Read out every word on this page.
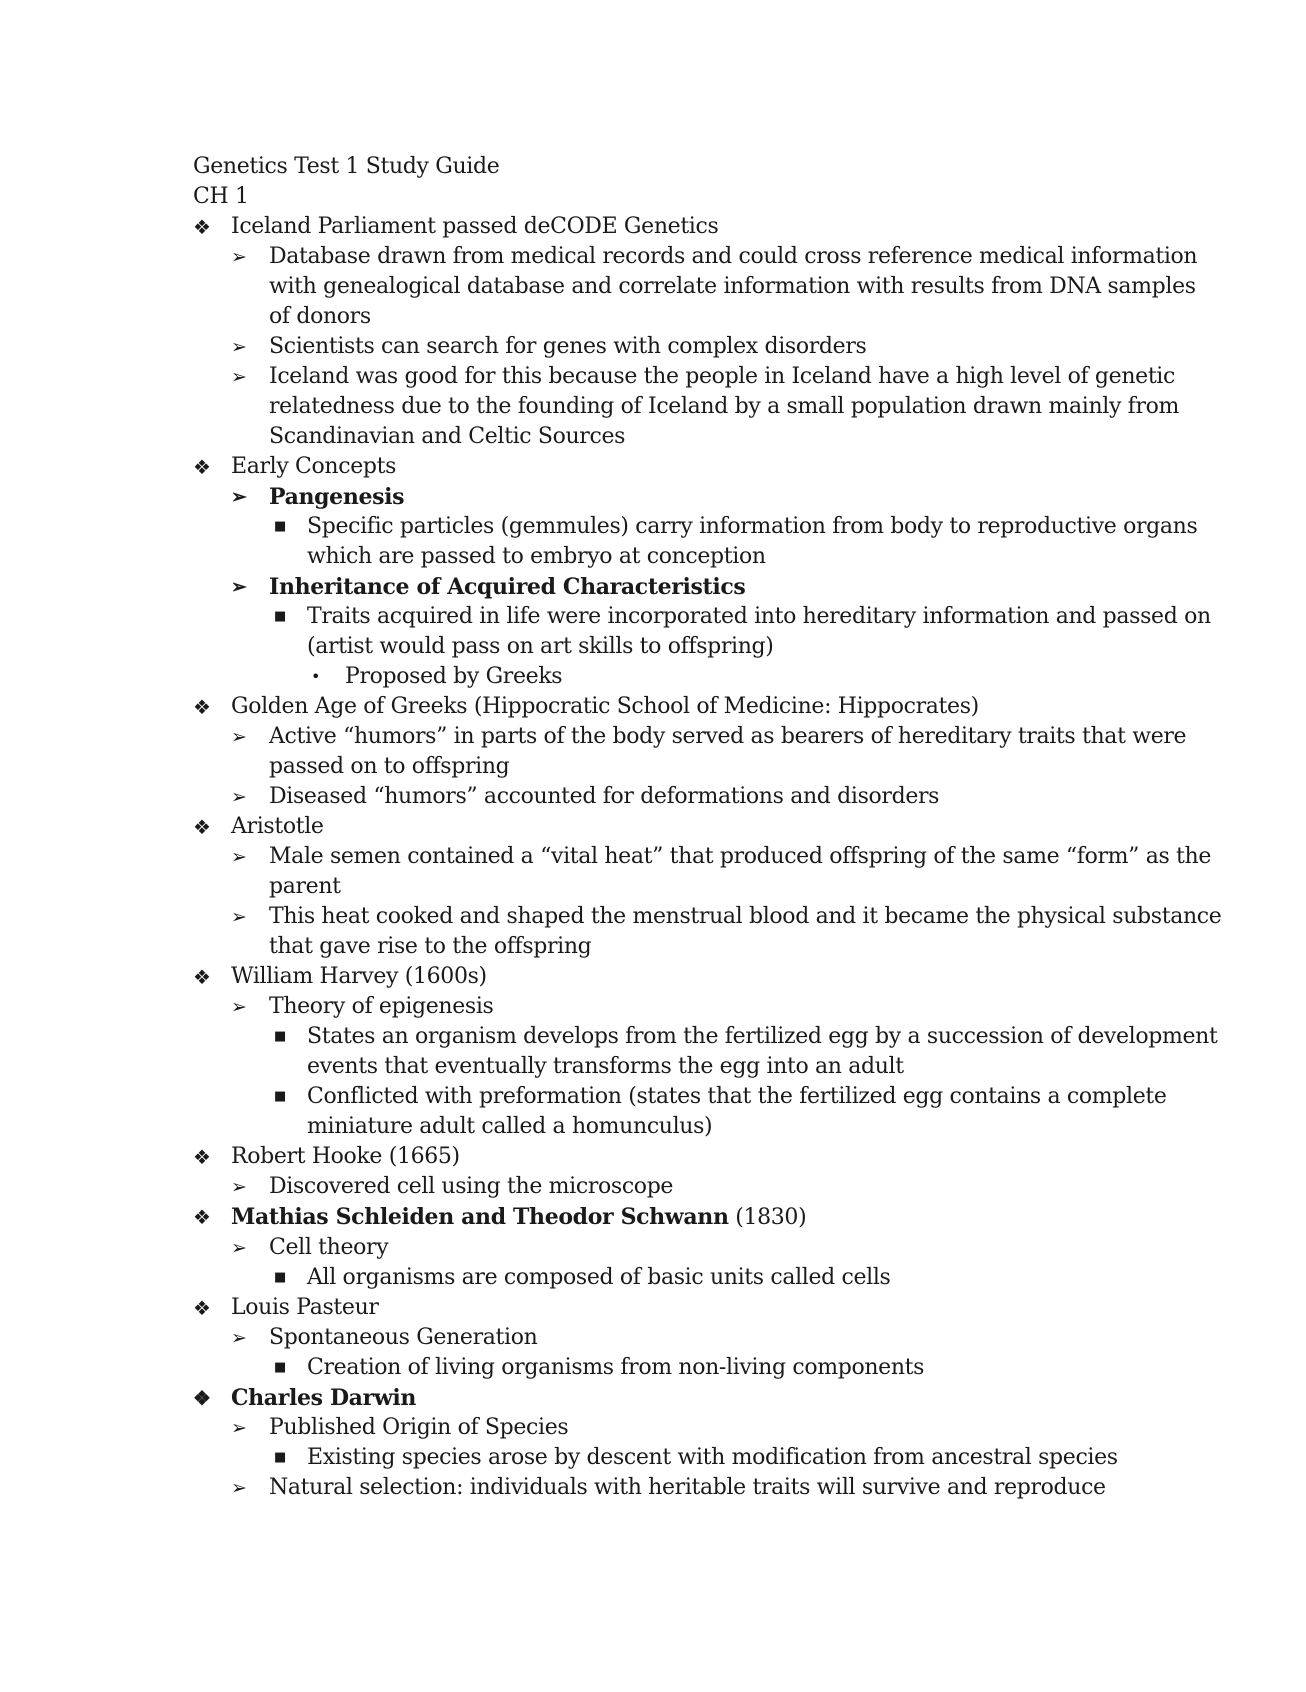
Genetics Test 1 Study Guide
CH 1
❖ Iceland Parliament passed deCODE Genetics
➢ Database drawn from medical records and could cross reference medical information with genealogical database and correlate information with results from DNA samples of donors
➢ Scientists can search for genes with complex disorders
➢ Iceland was good for this because the people in Iceland have a high level of genetic relatedness due to the founding of Iceland by a small population drawn mainly from Scandinavian and Celtic Sources
❖ Early Concepts
➢ Pangenesis
■ Specific particles (gemmules) carry information from body to reproductive organs which are passed to embryo at conception
➢ Inheritance of Acquired Characteristics
■ Traits acquired in life were incorporated into hereditary information and passed on (artist would pass on art skills to offspring)
• Proposed by Greeks
❖ Golden Age of Greeks (Hippocratic School of Medicine: Hippocrates)
➢ Active “humors” in parts of the body served as bearers of hereditary traits that were passed on to offspring
➢ Diseased “humors” accounted for deformations and disorders
❖ Aristotle
➢ Male semen contained a “vital heat” that produced offspring of the same “form” as the parent
➢ This heat cooked and shaped the menstrual blood and it became the physical substance that gave rise to the offspring
❖ William Harvey (1600s)
➢ Theory of epigenesis
■ States an organism develops from the fertilized egg by a succession of development events that eventually transforms the egg into an adult
■ Conflicted with preformation (states that the fertilized egg contains a complete miniature adult called a homunculus)
❖ Robert Hooke (1665)
➢ Discovered cell using the microscope
❖ Mathias Schleiden and Theodor Schwann (1830)
➢ Cell theory
■ All organisms are composed of basic units called cells
❖ Louis Pasteur
➢ Spontaneous Generation
■ Creation of living organisms from non-living components
❖ Charles Darwin
➢ Published Origin of Species
■ Existing species arose by descent with modification from ancestral species
➢ Natural selection: individuals with heritable traits will survive and reproduce
